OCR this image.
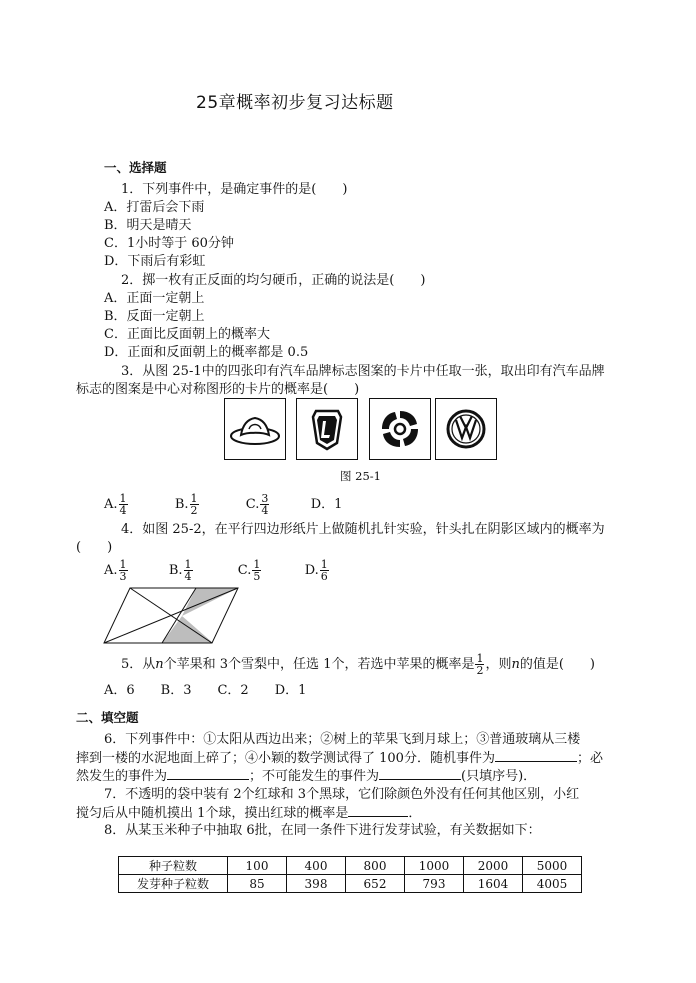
25章概率初步复习达标题
一、选择题
1．下列事件中，是确定事件的是(　　)
A．打雷后会下雨
B．明天是晴天
C．1小时等于 60分钟
D．下雨后有彩虹
2．掷一枚有正反面的均匀硬币，正确的说法是(　　)
A．正面一定朝上
B．反面一定朝上
C．正面比反面朝上的概率大
D．正面和反面朝上的概率都是 0.5
3．从图 25-1中的四张印有汽车品牌标志图案的卡片中任取一张，取出印有汽车品牌
标志的图案是中心对称图形的卡片的概率是(　　)
图 25-1
A. $\frac{1}{4}$	B. $\frac{1}{2}$	C. $\frac{3}{4}$	D．1
4．如图 25-2，在平行四边形纸片上做随机扎针实验，针头扎在阴影区域内的概率为
(　　)
A. $\frac{1}{3}$	B. $\frac{1}{4}$	C. $\frac{1}{5}$	D. $\frac{1}{6}$
5．从n个苹果和 3个雪梨中，任选 1个，若选中苹果的概率是 $\frac{1}{2}$ ，则n的值是(　　)
A．6　　B．3　　C．2　　D．1
二、填空题
6．下列事件中：①太阳从西边出来；②树上的苹果飞到月球上；③普通玻璃从三楼
摔到一楼的水泥地面上碎了；④小颖的数学测试得了 100分．随机事件为	；必
然发生的事件为	；不可能发生的事件为	(只填序号)．
7．不透明的袋中装有 2个红球和 3个黑球，它们除颜色外没有任何其他区别，小红
搅匀后从中随机摸出 1个球，摸出红球的概率是	．
8．从某玉米种子中抽取 6批，在同一条件下进行发芽试验，有关数据如下：
种子粒数	100	400	800	1000	2000	5000
发芽种子粒数	85	398	652	793	1604	4005
